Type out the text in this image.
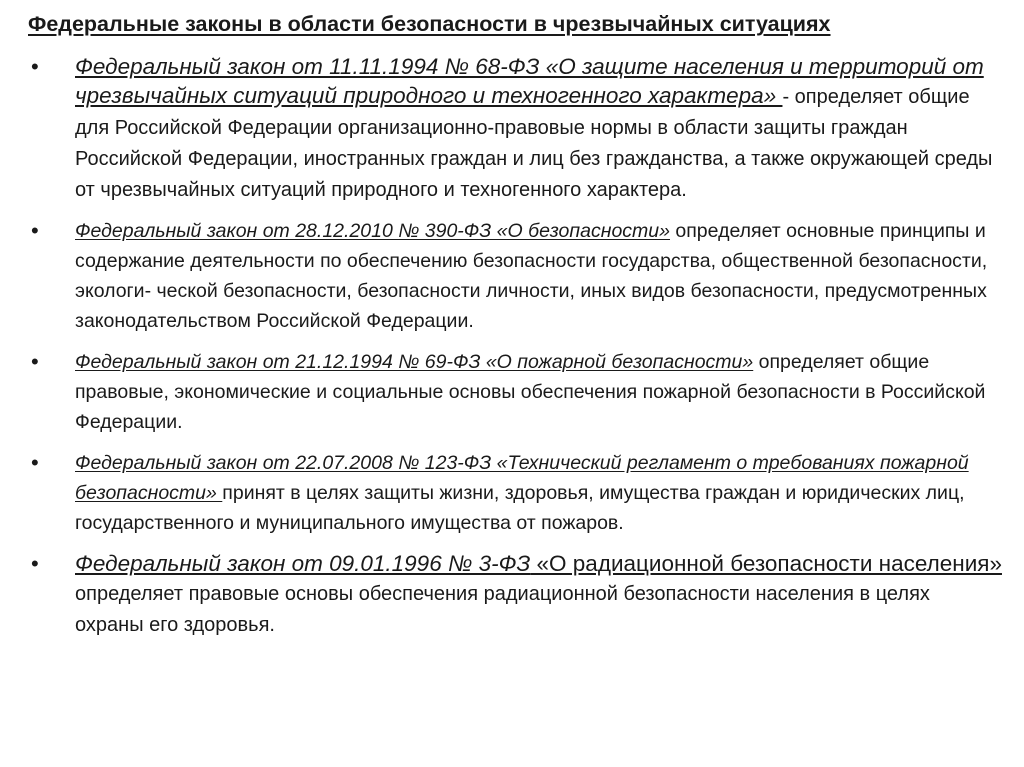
Федеральные законы в области безопасности в чрезвычайных ситуациях
• Федеральный закон от 11.11.1994 № 68-ФЗ «О защите населения и территорий от чрезвычайных ситуаций природного и техногенного характера» - определяет общие для Российской Федерации организационно-правовые нормы в области защиты граждан Российской Федерации, иностранных граждан и лиц без гражданства, а также окружающей среды от чрезвычайных ситуаций природного и техногенного характера.
• Федеральный закон от 28.12.2010 № 390-ФЗ «О безопасности» определяет основные принципы и содержание деятельности по обеспечению безопасности государства, общественной безопасности, экологи- ческой безопасности, безопасности личности, иных видов безопасности, предусмотренных законодательством Российской Федерации.
• Федеральный закон от 21.12.1994 № 69-ФЗ «О пожарной безопасности» определяет общие правовые, экономические и социальные основы обеспечения пожарной безопасности в Российской Федерации.
• Федеральный закон от 22.07.2008 № 123-ФЗ «Технический регламент о требованиях пожарной безопасности» принят в целях защиты жизни, здоровья, имущества граждан и юридических лиц, государственного и муниципального имущества от пожаров.
• Федеральный закон от 09.01.1996 № 3-ФЗ «О радиационной безопасности населения» определяет правовые основы обеспечения радиационной безопасности населения в целях охраны его здоровья.
